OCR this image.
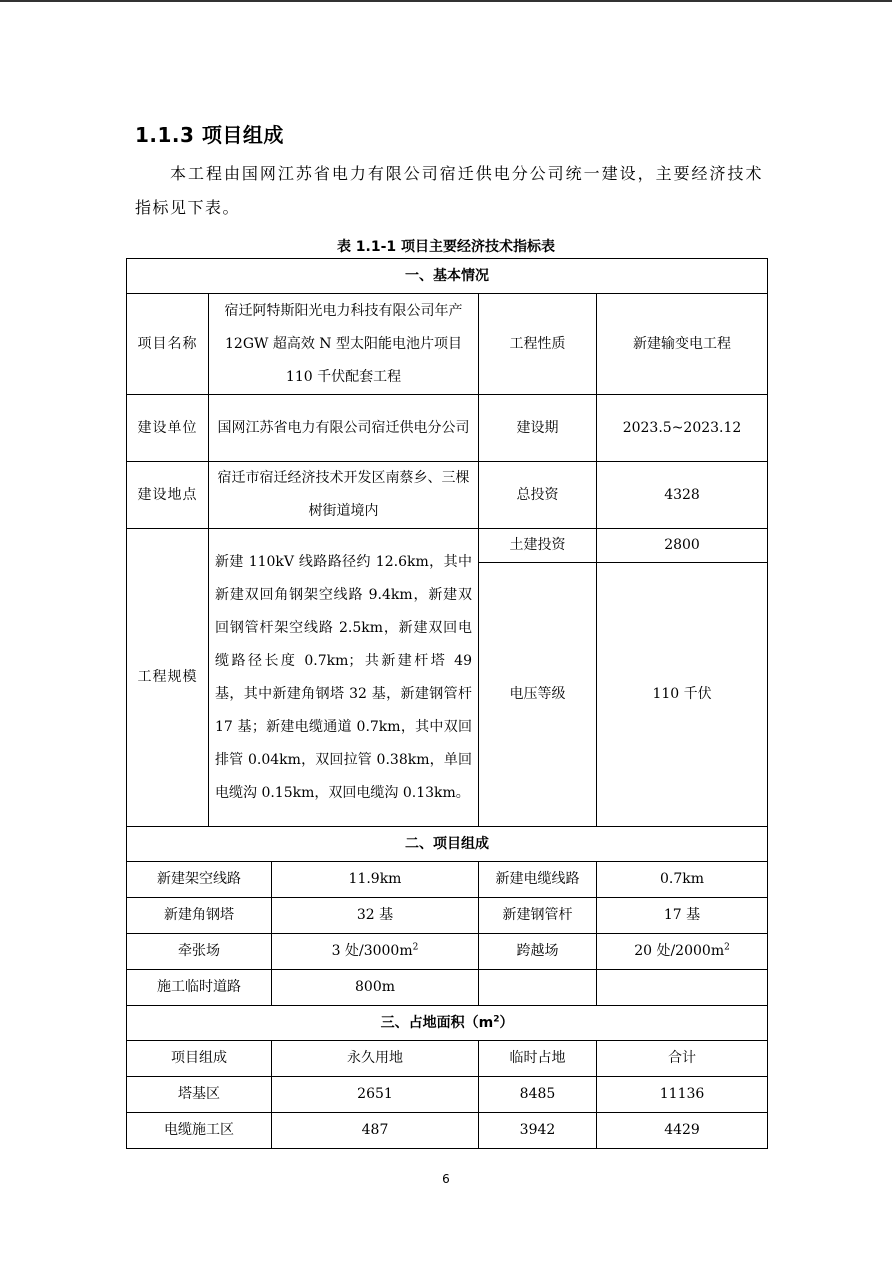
1.1.3 项目组成

本工程由国网江苏省电力有限公司宿迁供电分公司统一建设，主要经济技术指标见下表。

表 1.1-1 项目主要经济技术指标表
一、基本情况				
项目名称	宿迁阿特斯阳光电力科技有限公司年产 12GW 超高效 N 型太阳能电池片项目 110 千伏配套工程		工程性质	新建输变电工程
建设单位	国网江苏省电力有限公司宿迁供电分公司		建设期	2023.5~2023.12
建设地点	宿迁市宿迁经济技术开发区南蔡乡、三棵树街道境内		总投资	4328
工程规模	新建 110kV 线路路径约 12.6km，其中新建双回角钢架空线路 9.4km，新建双回钢管杆架空线路 2.5km，新建双回电缆路径长度 0.7km；共新建杆塔 49 基，其中新建角钢塔 32 基，新建钢管杆 17 基；新建电缆通道 0.7km，其中双回排管 0.04km，双回拉管 0.38km，单回电缆沟 0.15km，双回电缆沟 0.13km。		土建投资	2800
			电压等级	110 千伏
二、项目组成				
新建架空线路		11.9km	新建电缆线路	0.7km
新建角钢塔		32 基	新建钢管杆	17 基
牵张场		3 处$/3000m^2$	跨越场	20 处$/2000m^2$
施工临时道路		800m		
三、占地面积$(m^2)$				
项目组成		永久用地	临时占地	合计
塔基区		2651	8485	11136
电缆施工区		487	3942	4429
6
